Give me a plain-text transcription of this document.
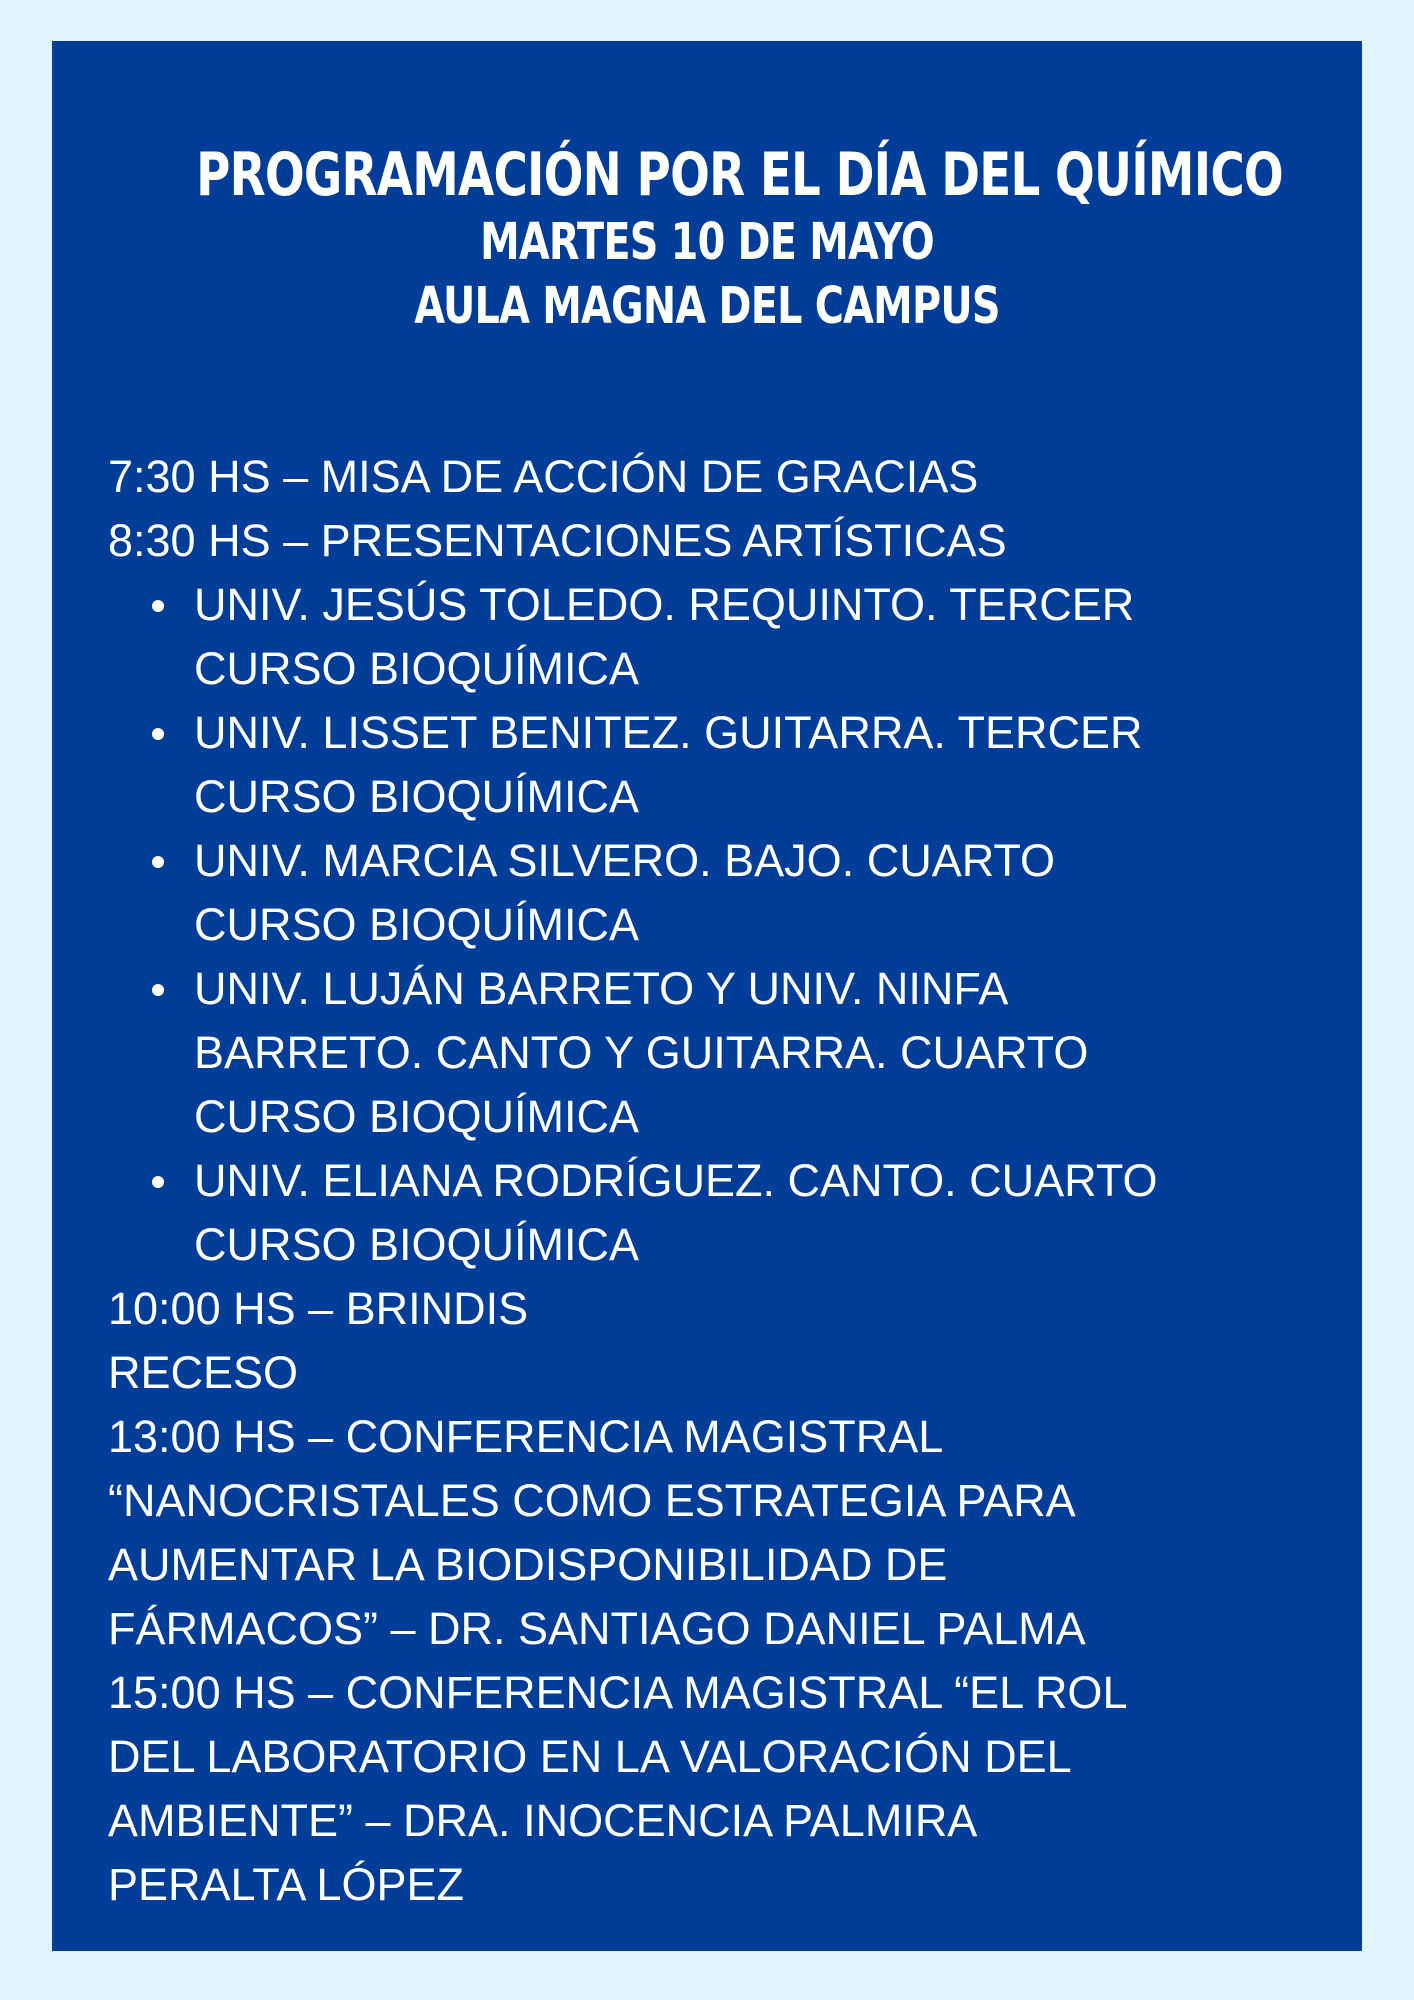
PROGRAMACIÓN POR EL DÍA DEL QUÍMICO
MARTES 10 DE MAYO
AULA MAGNA DEL CAMPUS
7:30 HS – MISA DE ACCIÓN DE GRACIAS
8:30 HS – PRESENTACIONES ARTÍSTICAS
UNIV. JESÚS TOLEDO. REQUINTO. TERCER
CURSO BIOQUÍMICA
UNIV. LISSET BENITEZ. GUITARRA. TERCER
CURSO BIOQUÍMICA
UNIV. MARCIA SILVERO. BAJO. CUARTO
CURSO BIOQUÍMICA
UNIV. LUJÁN BARRETO Y UNIV. NINFA
BARRETO. CANTO Y GUITARRA. CUARTO
CURSO BIOQUÍMICA
UNIV. ELIANA RODRÍGUEZ. CANTO. CUARTO
CURSO BIOQUÍMICA
10:00 HS – BRINDIS
RECESO
13:00 HS – CONFERENCIA MAGISTRAL
“NANOCRISTALES COMO ESTRATEGIA PARA
AUMENTAR LA BIODISPONIBILIDAD DE
FÁRMACOS” – DR. SANTIAGO DANIEL PALMA
15:00 HS – CONFERENCIA MAGISTRAL “EL ROL
DEL LABORATORIO EN LA VALORACIÓN DEL
AMBIENTE” – DRA. INOCENCIA PALMIRA
PERALTA LÓPEZ
